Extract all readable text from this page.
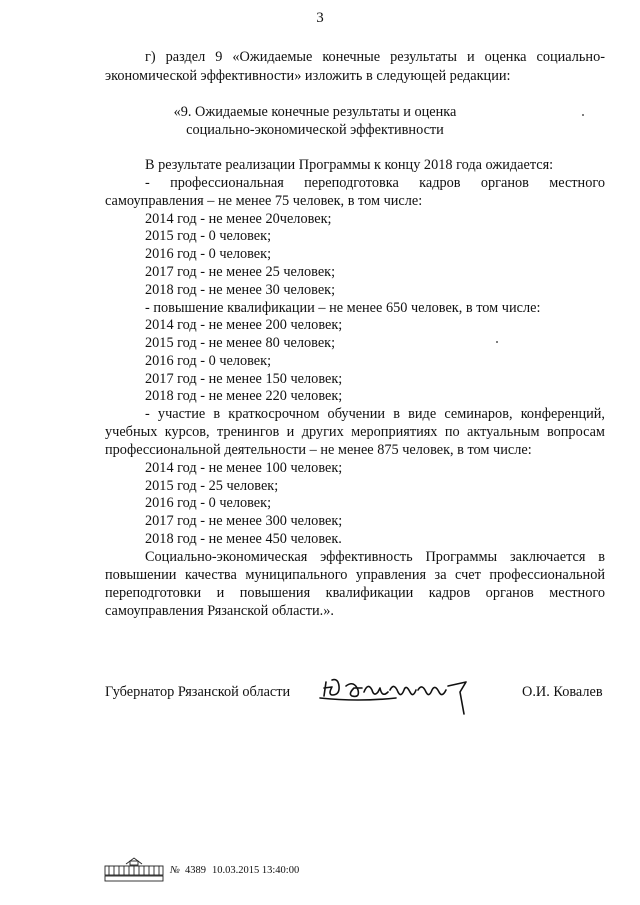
3
г) раздел 9 «Ожидаемые конечные результаты и оценка социально-
экономической эффективности» изложить в следующей редакции:
«9. Ожидаемые конечные результаты и оценка
социально-экономической эффективности
В результате реализации Программы к концу 2018 года ожидается:
- профессиональная переподготовка кадров органов местного
самоуправления – не менее 75 человек, в том числе:
2014 год - не менее 20человек;
2015 год - 0 человек;
2016 год - 0 человек;
2017 год - не менее 25 человек;
2018 год - не менее 30 человек;
- повышение квалификации – не менее 650 человек, в том числе:
2014 год - не менее 200 человек;
2015 год - не менее 80 человек;
2016 год - 0 человек;
2017 год - не менее 150 человек;
2018 год - не менее 220 человек;
- участие в краткосрочном обучении в виде семинаров, конференций,
учебных курсов, тренингов и других мероприятиях по актуальным вопросам
профессиональной деятельности – не менее 875 человек, в том числе:
2014 год - не менее 100 человек;
2015 год - 25 человек;
2016 год - 0 человек;
2017 год - не менее 300 человек;
2018 год - не менее 450 человек.
Социально-экономическая эффективность Программы заключается в
повышении качества муниципального управления за счет профессиональной
переподготовки и повышения квалификации кадров органов местного
самоуправления Рязанской области.».
Губернатор Рязанской области	О.И. Ковалев
№ 4389 10.03.2015 13:40:00
